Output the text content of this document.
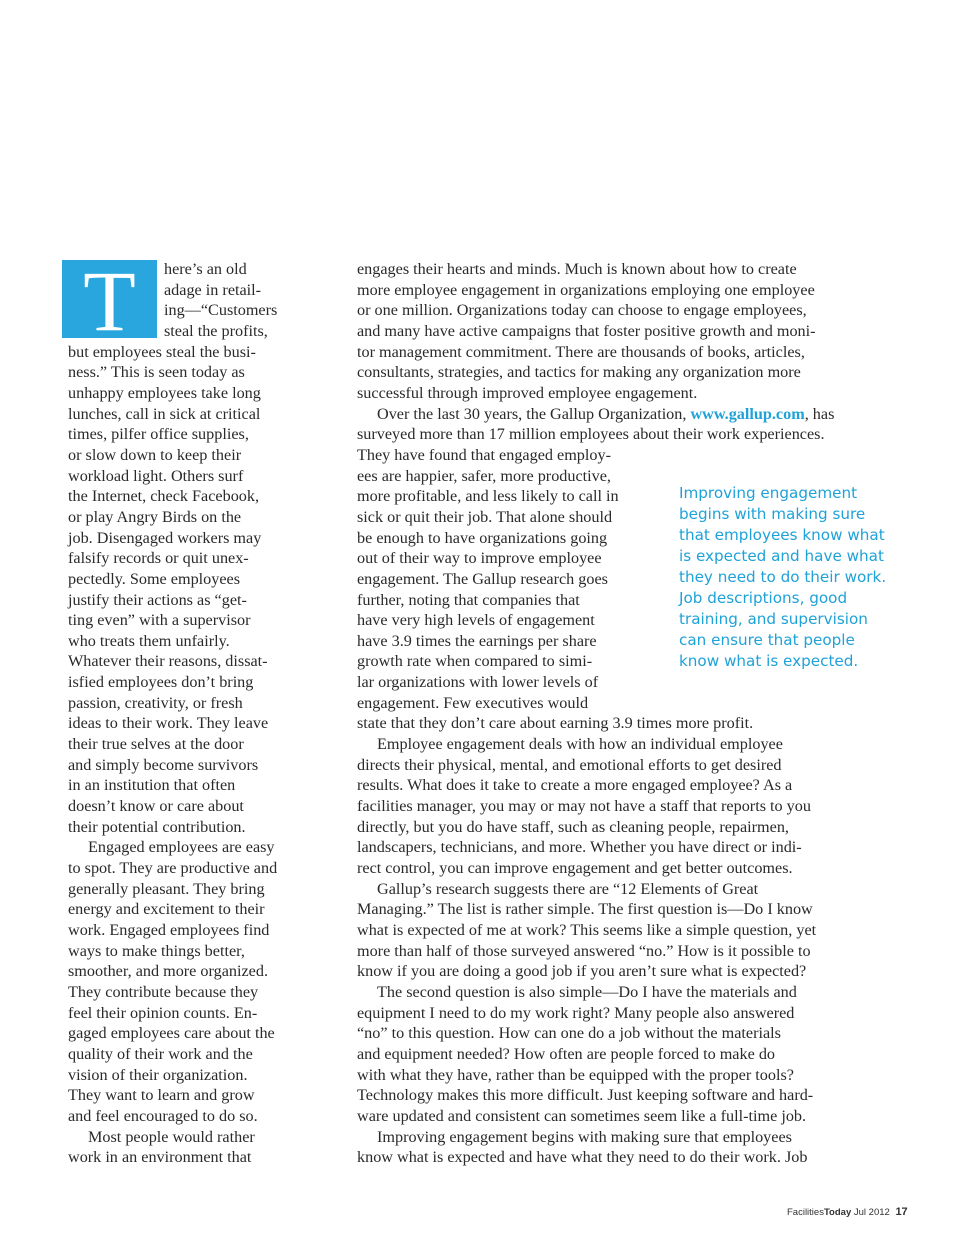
T	here’s an old
adage in retail-
ing—“Customers
steal the profits,
but employees steal the busi-
ness.” This is seen today as
unhappy employees take long
lunches, call in sick at critical
times, pilfer office supplies,
or slow down to keep their
workload light. Others surf
the Internet, check Facebook,
or play Angry Birds on the
job. Disengaged workers may
falsify records or quit unex-
pectedly. Some employees
justify their actions as “get-
ting even” with a supervisor
who treats them unfairly.
Whatever their reasons, dissat-
isfied employees don’t bring
passion, creativity, or fresh
ideas to their work. They leave
their true selves at the door
and simply become survivors
in an institution that often
doesn’t know or care about
their potential contribution.
Engaged employees are easy
to spot. They are productive and
generally pleasant. They bring
energy and excitement to their
work. Engaged employees find
ways to make things better,
smoother, and more organized.
They contribute because they
feel their opinion counts. En-
gaged employees care about the
quality of their work and the
vision of their organization.
They want to learn and grow
and feel encouraged to do so.
Most people would rather
work in an environment that
engages their hearts and minds. Much is known about how to create
more employee engagement in organizations employing one employee
or one million. Organizations today can choose to engage employees,
and many have active campaigns that foster positive growth and moni-
tor management commitment. There are thousands of books, articles,
consultants, strategies, and tactics for making any organization more
successful through improved employee engagement.
Over the last 30 years, the Gallup Organization, www.gallup.com, has
surveyed more than 17 million employees about their work experiences.
They have found that engaged employ-
ees are happier, safer, more productive,
more profitable, and less likely to call in
sick or quit their job. That alone should
be enough to have organizations going
out of their way to improve employee
engagement. The Gallup research goes
further, noting that companies that
have very high levels of engagement
have 3.9 times the earnings per share
growth rate when compared to simi-
lar organizations with lower levels of
engagement. Few executives would
state that they don’t care about earning 3.9 times more profit.
Employee engagement deals with how an individual employee
directs their physical, mental, and emotional efforts to get desired
results. What does it take to create a more engaged employee? As a
facilities manager, you may or may not have a staff that reports to you
directly, but you do have staff, such as cleaning people, repairmen,
landscapers, technicians, and more. Whether you have direct or indi-
rect control, you can improve engagement and get better outcomes.
Gallup’s research suggests there are “12 Elements of Great
Managing.” The list is rather simple. The first question is—Do I know
what is expected of me at work? This seems like a simple question, yet
more than half of those surveyed answered “no.” How is it possible to
know if you are doing a good job if you aren’t sure what is expected?
The second question is also simple—Do I have the materials and
equipment I need to do my work right? Many people also answered
“no” to this question. How can one do a job without the materials
and equipment needed? How often are people forced to make do
with what they have, rather than be equipped with the proper tools?
Technology makes this more difficult. Just keeping software and hard-
ware updated and consistent can sometimes seem like a full-time job.
Improving engagement begins with making sure that employees
know what is expected and have what they need to do their work. Job
Improving engagement
begins with making sure
that employees know what
is expected and have what
they need to do their work.
Job descriptions, good
training, and supervision
can ensure that people
know what is expected.
FacilitiesToday Jul 2012 17
